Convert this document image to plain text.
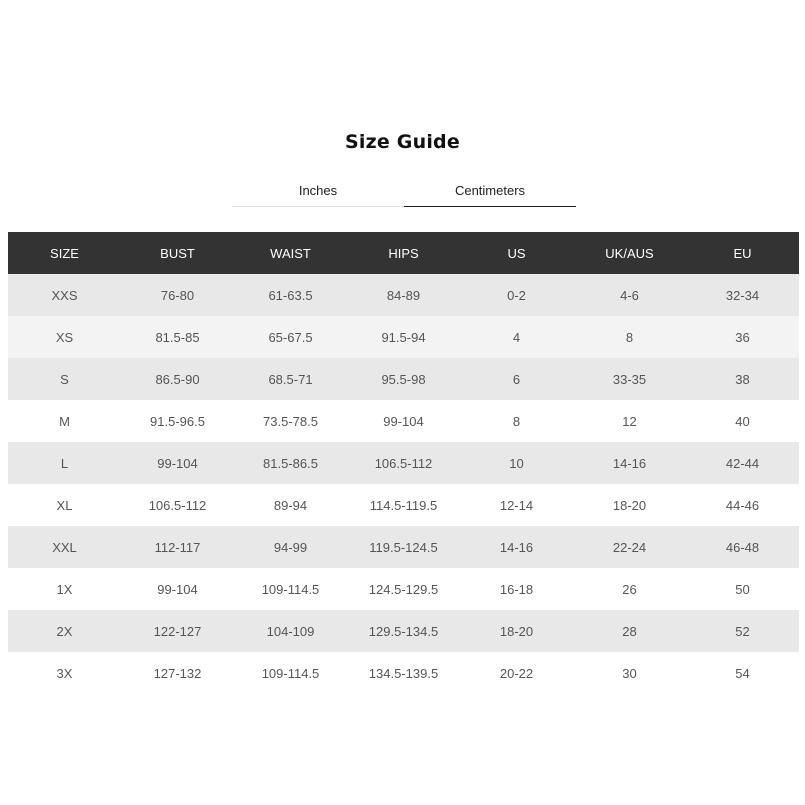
Size Guide
Inches	Centimeters
SIZE	BUST	WAIST	HIPS	US	UK/AUS	EU
XXS	76-80	61-63.5	84-89	0-2	4-6	32-34
XS	81.5-85	65-67.5	91.5-94	4	8	36
S	86.5-90	68.5-71	95.5-98	6	33-35	38
M	91.5-96.5	73.5-78.5	99-104	8	12	40
L	99-104	81.5-86.5	106.5-112	10	14-16	42-44
XL	106.5-112	89-94	114.5-119.5	12-14	18-20	44-46
XXL	112-117	94-99	119.5-124.5	14-16	22-24	46-48
1X	99-104	109-114.5	124.5-129.5	16-18	26	50
2X	122-127	104-109	129.5-134.5	18-20	28	52
3X	127-132	109-114.5	134.5-139.5	20-22	30	54
